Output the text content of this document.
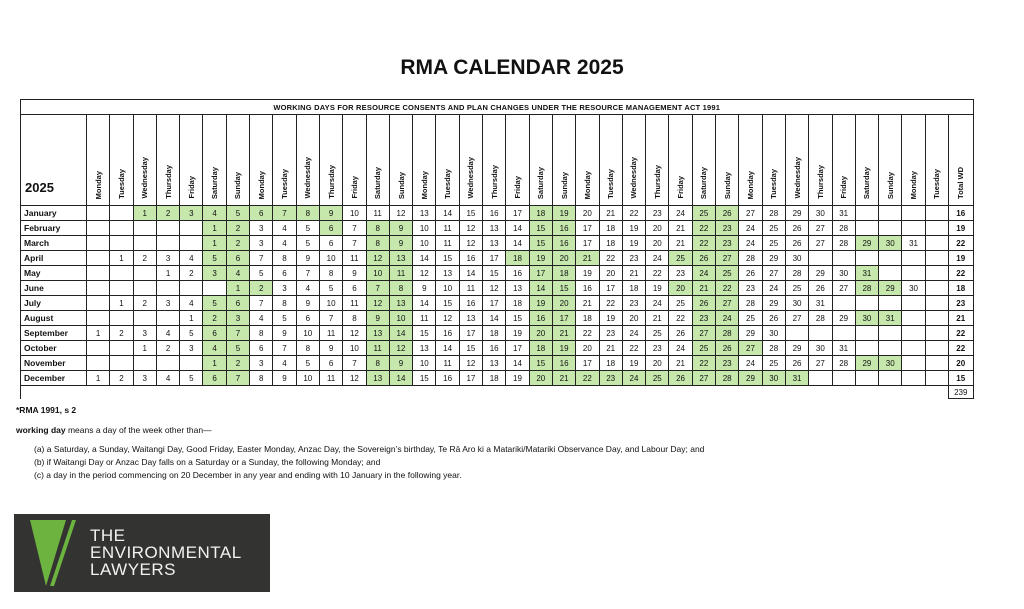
RMA CALENDAR 2025
WORKING DAYS FOR RESOURCE CONSENTS AND PLAN CHANGES UNDER THE RESOURCE MANAGEMENT ACT 1991																																						
2025	Monday	Tuesday	Wednesday	Thursday	Friday	Saturday	Sunday	Monday	Tuesday	Wednesday	Thursday	Friday	Saturday	Sunday	Monday	Tuesday	Wednesday	Thursday	Friday	Saturday	Sunday	Monday	Tuesday	Wednesday	Thursday	Friday	Saturday	Sunday	Monday	Tuesday	Wednesday	Thursday	Friday	Saturday	Sunday	Monday	Tuesday	Total WD
January			1	2	3	4	5	6	7	8	9	10	11	12	13	14	15	16	17	18	19	20	21	22	23	24	25	26	27	28	29	30	31					16
February						1	2	3	4	5	6	7	8	9	10	11	12	13	14	15	16	17	18	19	20	21	22	23	24	25	26	27	28					19
March						1	2	3	4	5	6	7	8	9	10	11	12	13	14	15	16	17	18	19	20	21	22	23	24	25	26	27	28	29	30	31		22
April		1	2	3	4	5	6	7	8	9	10	11	12	13	14	15	16	17	18	19	20	21	22	23	24	25	26	27	28	29	30							19
May				1	2	3	4	5	6	7	8	9	10	11	12	13	14	15	16	17	18	19	20	21	22	23	24	25	26	27	28	29	30	31				22
June							1	2	3	4	5	6	7	8	9	10	11	12	13	14	15	16	17	18	19	20	21	22	23	24	25	26	27	28	29	30		18
July		1	2	3	4	5	6	7	8	9	10	11	12	13	14	15	16	17	18	19	20	21	22	23	24	25	26	27	28	29	30	31						23
August					1	2	3	4	5	6	7	8	9	10	11	12	13	14	15	16	17	18	19	20	21	22	23	24	25	26	27	28	29	30	31			21
September	1	2	3	4	5	6	7	8	9	10	11	12	13	14	15	16	17	18	19	20	21	22	23	24	25	26	27	28	29	30								22
October			1	2	3	4	5	6	7	8	9	10	11	12	13	14	15	16	17	18	19	20	21	22	23	24	25	26	27	28	29	30	31					22
November						1	2	3	4	5	6	7	8	9	10	11	12	13	14	15	16	17	18	19	20	21	22	23	24	25	26	27	28	29	30			20
December	1	2	3	4	5	6	7	8	9	10	11	12	13	14	15	16	17	18	19	20	21	22	23	24	25	26	27	28	29	30	31							15
																																						239
*RMA 1991, s 2
working day means a day of the week other than—
(a) a Saturday, a Sunday, Waitangi Day, Good Friday, Easter Monday, Anzac Day, the Sovereign’s birthday, Te Rā Aro ki a Matariki/Matariki Observance Day, and Labour Day; and
(b) if Waitangi Day or Anzac Day falls on a Saturday or a Sunday, the following Monday; and
(c) a day in the period commencing on 20 December in any year and ending with 10 January in the following year.
THE
ENVIRONMENTAL
LAWYERS
